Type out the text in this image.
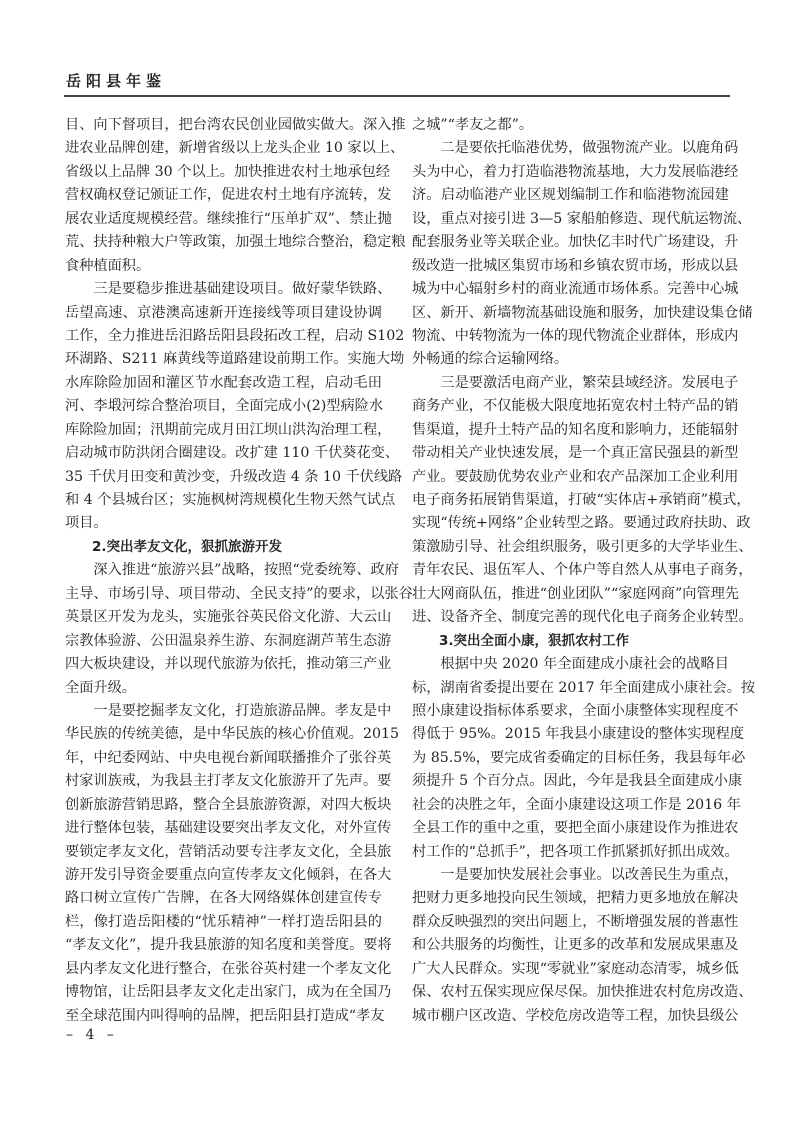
岳阳县年鉴
目、向下督项目，把台湾农民创业园做实做大。深入推
进农业品牌创建，新增省级以上龙头企业 10 家以上、
省级以上品牌 30 个以上。加快推进农村土地承包经
营权确权登记颁证工作，促进农村土地有序流转，发
展农业适度规模经营。继续推行“压单扩双”、禁止抛
荒、扶持种粮大户等政策，加强土地综合整治，稳定粮
食种植面积。
三是要稳步推进基础建设项目。做好蒙华铁路、
岳望高速、京港澳高速新开连接线等项目建设协调
工作，全力推进岳汨路岳阳县段拓改工程，启动 S102
环湖路、S211 麻黄线等道路建设前期工作。实施大坳
水库除险加固和灌区节水配套改造工程，启动毛田
河、李塅河综合整治项目，全面完成小(2)型病险水
库除险加固；汛期前完成月田江坝山洪沟治理工程，
启动城市防洪闭合圈建设。改扩建 110 千伏葵花变、
35 千伏月田变和黄沙变，升级改造 4 条 10 千伏线路
和 4 个县城台区；实施枫树湾规模化生物天然气试点
项目。
2.突出孝友文化，狠抓旅游开发
深入推进“旅游兴县”战略，按照“党委统筹、政府
主导、市场引导、项目带动、全民支持”的要求，以张谷
英景区开发为龙头，实施张谷英民俗文化游、大云山
宗教体验游、公田温泉养生游、东洞庭湖芦苇生态游
四大板块建设，并以现代旅游为依托，推动第三产业
全面升级。
一是要挖掘孝友文化，打造旅游品牌。孝友是中
华民族的传统美德，是中华民族的核心价值观。2015
年，中纪委网站、中央电视台新闻联播推介了张谷英
村家训族戒，为我县主打孝友文化旅游开了先声。要
创新旅游营销思路，整合全县旅游资源，对四大板块
进行整体包装，基础建设要突出孝友文化，对外宣传
要锁定孝友文化，营销活动要专注孝友文化，全县旅
游开发引导资金要重点向宣传孝友文化倾斜，在各大
路口树立宣传广告牌，在各大网络媒体创建宣传专
栏，像打造岳阳楼的“忧乐精神”一样打造岳阳县的
“孝友文化”，提升我县旅游的知名度和美誉度。要将
县内孝友文化进行整合，在张谷英村建一个孝友文化
博物馆，让岳阳县孝友文化走出家门，成为在全国乃
至全球范围内叫得响的品牌，把岳阳县打造成“孝友
之城”“孝友之都”。
二是要依托临港优势，做强物流产业。以鹿角码
头为中心，着力打造临港物流基地，大力发展临港经
济。启动临港产业区规划编制工作和临港物流园建
设，重点对接引进 3—5 家船舶修造、现代航运物流、
配套服务业等关联企业。加快亿丰时代广场建设，升
级改造一批城区集贸市场和乡镇农贸市场，形成以县
城为中心辐射乡村的商业流通市场体系。完善中心城
区、新开、新墙物流基础设施和服务，加快建设集仓储
物流、中转物流为一体的现代物流企业群体，形成内
外畅通的综合运输网络。
三是要激活电商产业，繁荣县域经济。发展电子
商务产业，不仅能极大限度地拓宽农村土特产品的销
售渠道，提升土特产品的知名度和影响力，还能辐射
带动相关产业快速发展，是一个真正富民强县的新型
产业。要鼓励优势农业产业和农产品深加工企业利用
电子商务拓展销售渠道，打破“实体店+承销商”模式，
实现“传统+网络”企业转型之路。要通过政府扶助、政
策激励引导、社会组织服务，吸引更多的大学毕业生、
青年农民、退伍军人、个体户等自然人从事电子商务，
壮大网商队伍，推进“创业团队”“家庭网商”向管理先
进、设备齐全、制度完善的现代化电子商务企业转型。
3.突出全面小康，狠抓农村工作
根据中央 2020 年全面建成小康社会的战略目
标，湖南省委提出要在 2017 年全面建成小康社会。按
照小康建设指标体系要求，全面小康整体实现程度不
得低于 95%。2015 年我县小康建设的整体实现程度
为 85.5%，要完成省委确定的目标任务，我县每年必
须提升 5 个百分点。因此，今年是我县全面建成小康
社会的决胜之年，全面小康建设这项工作是 2016 年
全县工作的重中之重，要把全面小康建设作为推进农
村工作的“总抓手”，把各项工作抓紧抓好抓出成效。
一是要加快发展社会事业。以改善民生为重点，
把财力更多地投向民生领域，把精力更多地放在解决
群众反映强烈的突出问题上，不断增强发展的普惠性
和公共服务的均衡性，让更多的改革和发展成果惠及
广大人民群众。实现“零就业”家庭动态清零，城乡低
保、农村五保实现应保尽保。加快推进农村危房改造、
城市棚户区改造、学校危房改造等工程，加快县级公
– 4 –
